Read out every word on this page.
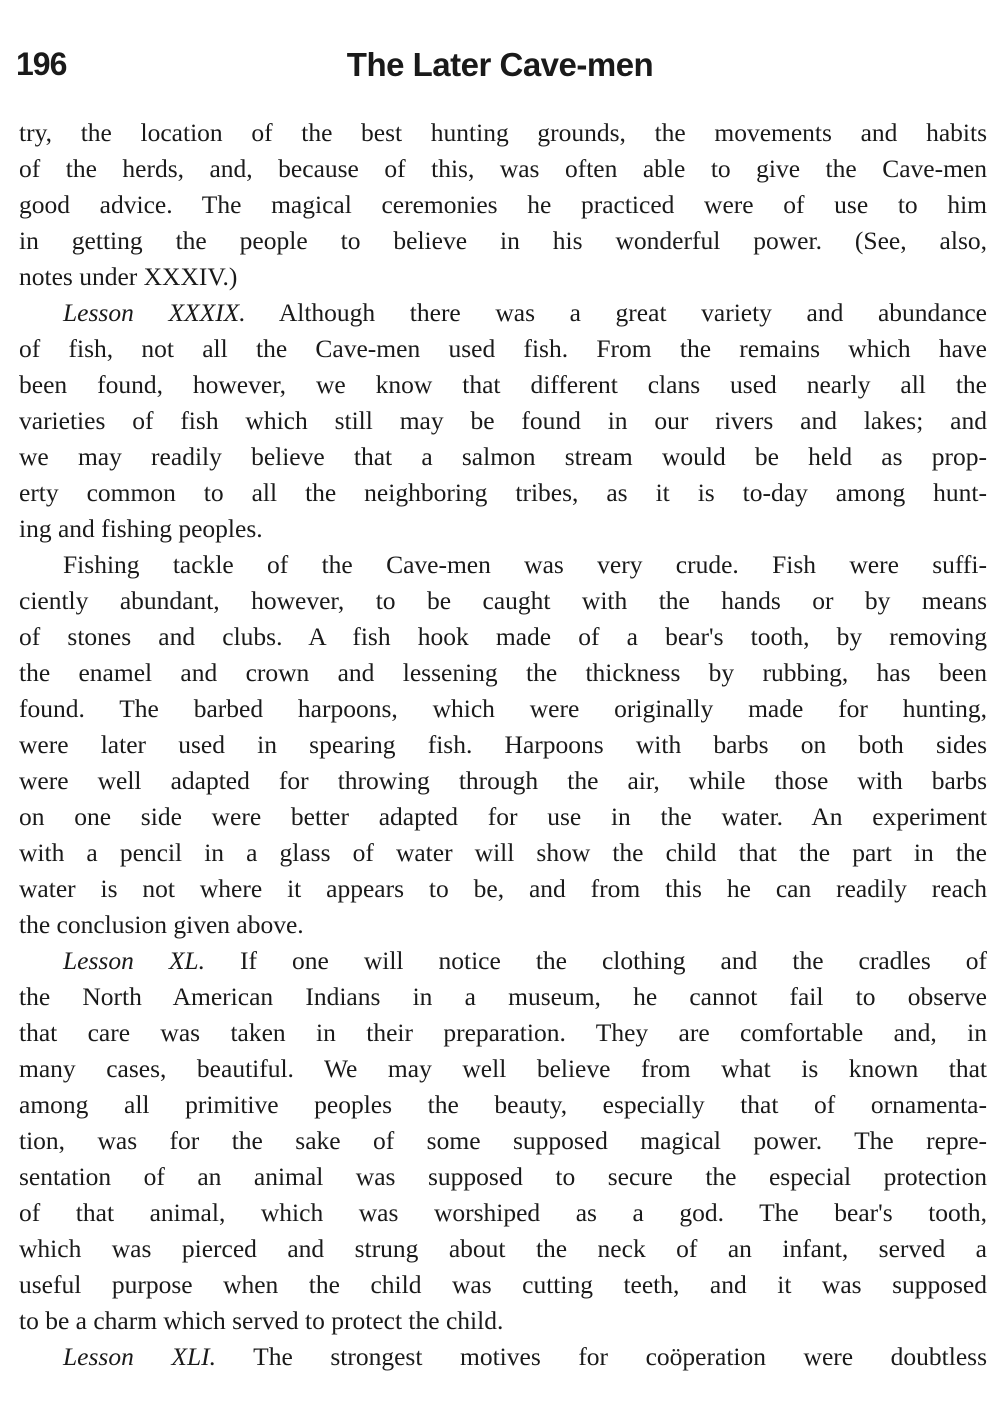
196	The Later Cave-men
try, the location of the best hunting grounds, the movements and habits
of the herds, and, because of this, was often able to give the Cave-men
good advice. The magical ceremonies he practiced were of use to him
in getting the people to believe in his wonderful power. (See, also,
notes under XXXIV.)
Lesson XXXIX. Although there was a great variety and abundance
of fish, not all the Cave-men used fish. From the remains which have
been found, however, we know that different clans used nearly all the
varieties of fish which still may be found in our rivers and lakes; and
we may readily believe that a salmon stream would be held as prop-
erty common to all the neighboring tribes, as it is to-day among hunt-
ing and fishing peoples.
Fishing tackle of the Cave-men was very crude. Fish were suffi-
ciently abundant, however, to be caught with the hands or by means
of stones and clubs. A fish hook made of a bear's tooth, by removing
the enamel and crown and lessening the thickness by rubbing, has been
found. The barbed harpoons, which were originally made for hunting,
were later used in spearing fish. Harpoons with barbs on both sides
were well adapted for throwing through the air, while those with barbs
on one side were better adapted for use in the water. An experiment
with a pencil in a glass of water will show the child that the part in the
water is not where it appears to be, and from this he can readily reach
the conclusion given above.
Lesson XL. If one will notice the clothing and the cradles of
the North American Indians in a museum, he cannot fail to observe
that care was taken in their preparation. They are comfortable and, in
many cases, beautiful. We may well believe from what is known that
among all primitive peoples the beauty, especially that of ornamenta-
tion, was for the sake of some supposed magical power. The repre-
sentation of an animal was supposed to secure the especial protection
of that animal, which was worshiped as a god. The bear's tooth,
which was pierced and strung about the neck of an infant, served a
useful purpose when the child was cutting teeth, and it was supposed
to be a charm which served to protect the child.
Lesson XLI. The strongest motives for coöperation were doubtless
